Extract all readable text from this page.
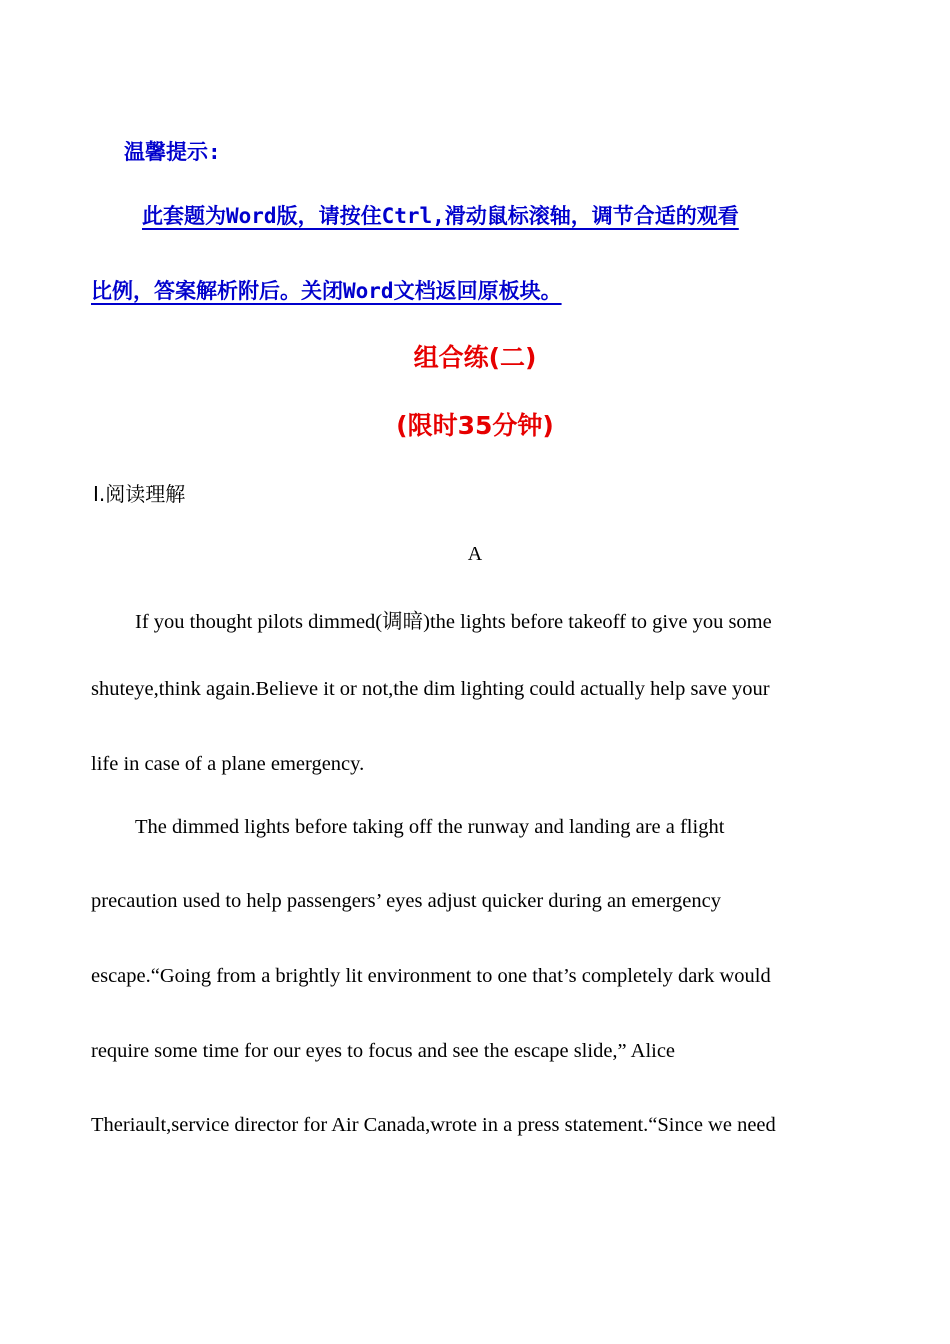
温馨提示:
此套题为Word版，请按住Ctrl,滑动鼠标滚轴，调节合适的观看
比例，答案解析附后。关闭Word文档返回原板块。
组合练(二)
(限时35分钟)
Ⅰ.阅读理解
A
If you thought pilots dimmed(调暗)the lights before takeoff to give you some
shuteye,think again.Believe it or not,the dim lighting could actually help save your
life in case of a plane emergency.
The dimmed lights before taking off the runway and landing are a flight
precaution used to help passengers’ eyes adjust quicker during an emergency
escape.“Going from a brightly lit environment to one that’s completely dark would
require some time for our eyes to focus and see the escape slide,” Alice
Theriault,service director for Air Canada,wrote in a press statement.“Since we need
